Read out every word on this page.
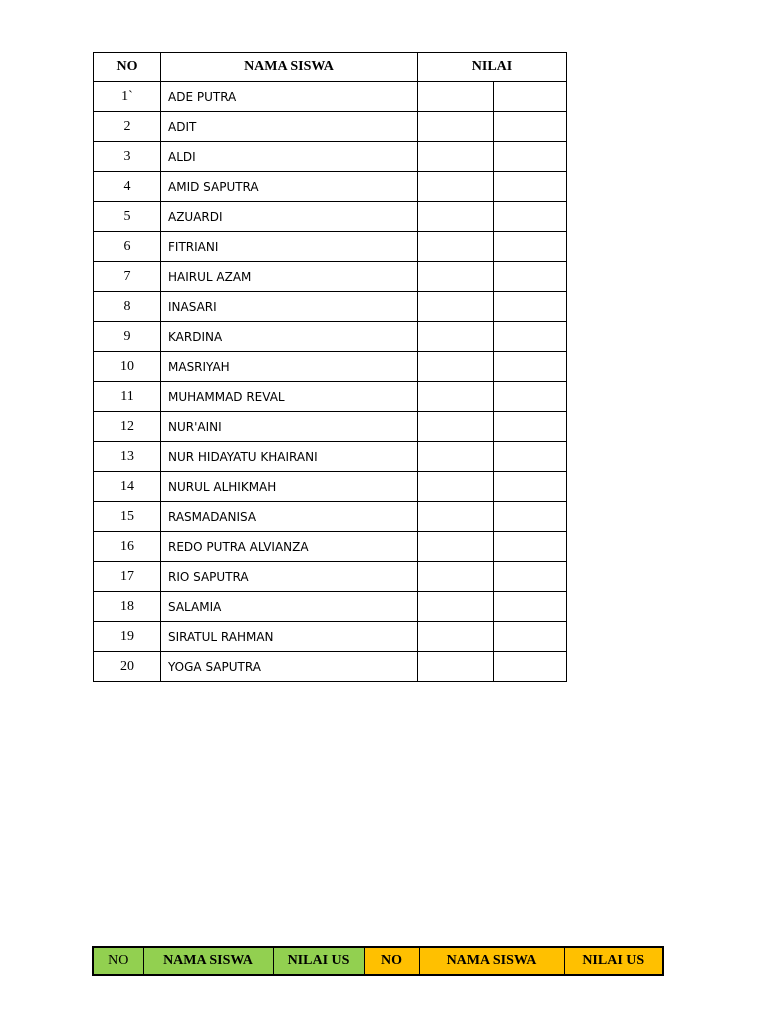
NO	NAMA SISWA	NILAI	
1`	ADE PUTRA		
2	ADIT		
3	ALDI		
4	AMID SAPUTRA		
5	AZUARDI		
6	FITRIANI		
7	HAIRUL AZAM		
8	INASARI		
9	KARDINA		
10	MASRIYAH		
11	MUHAMMAD REVAL		
12	NUR'AINI		
13	NUR HIDAYATU KHAIRANI		
14	NURUL ALHIKMAH		
15	RASMADANISA		
16	REDO PUTRA ALVIANZA		
17	RIO SAPUTRA		
18	SALAMIA		
19	SIRATUL RAHMAN		
20	YOGA SAPUTRA		
NO	NAMA SISWA	NILAI US	NO	NAMA SISWA	NILAI US
